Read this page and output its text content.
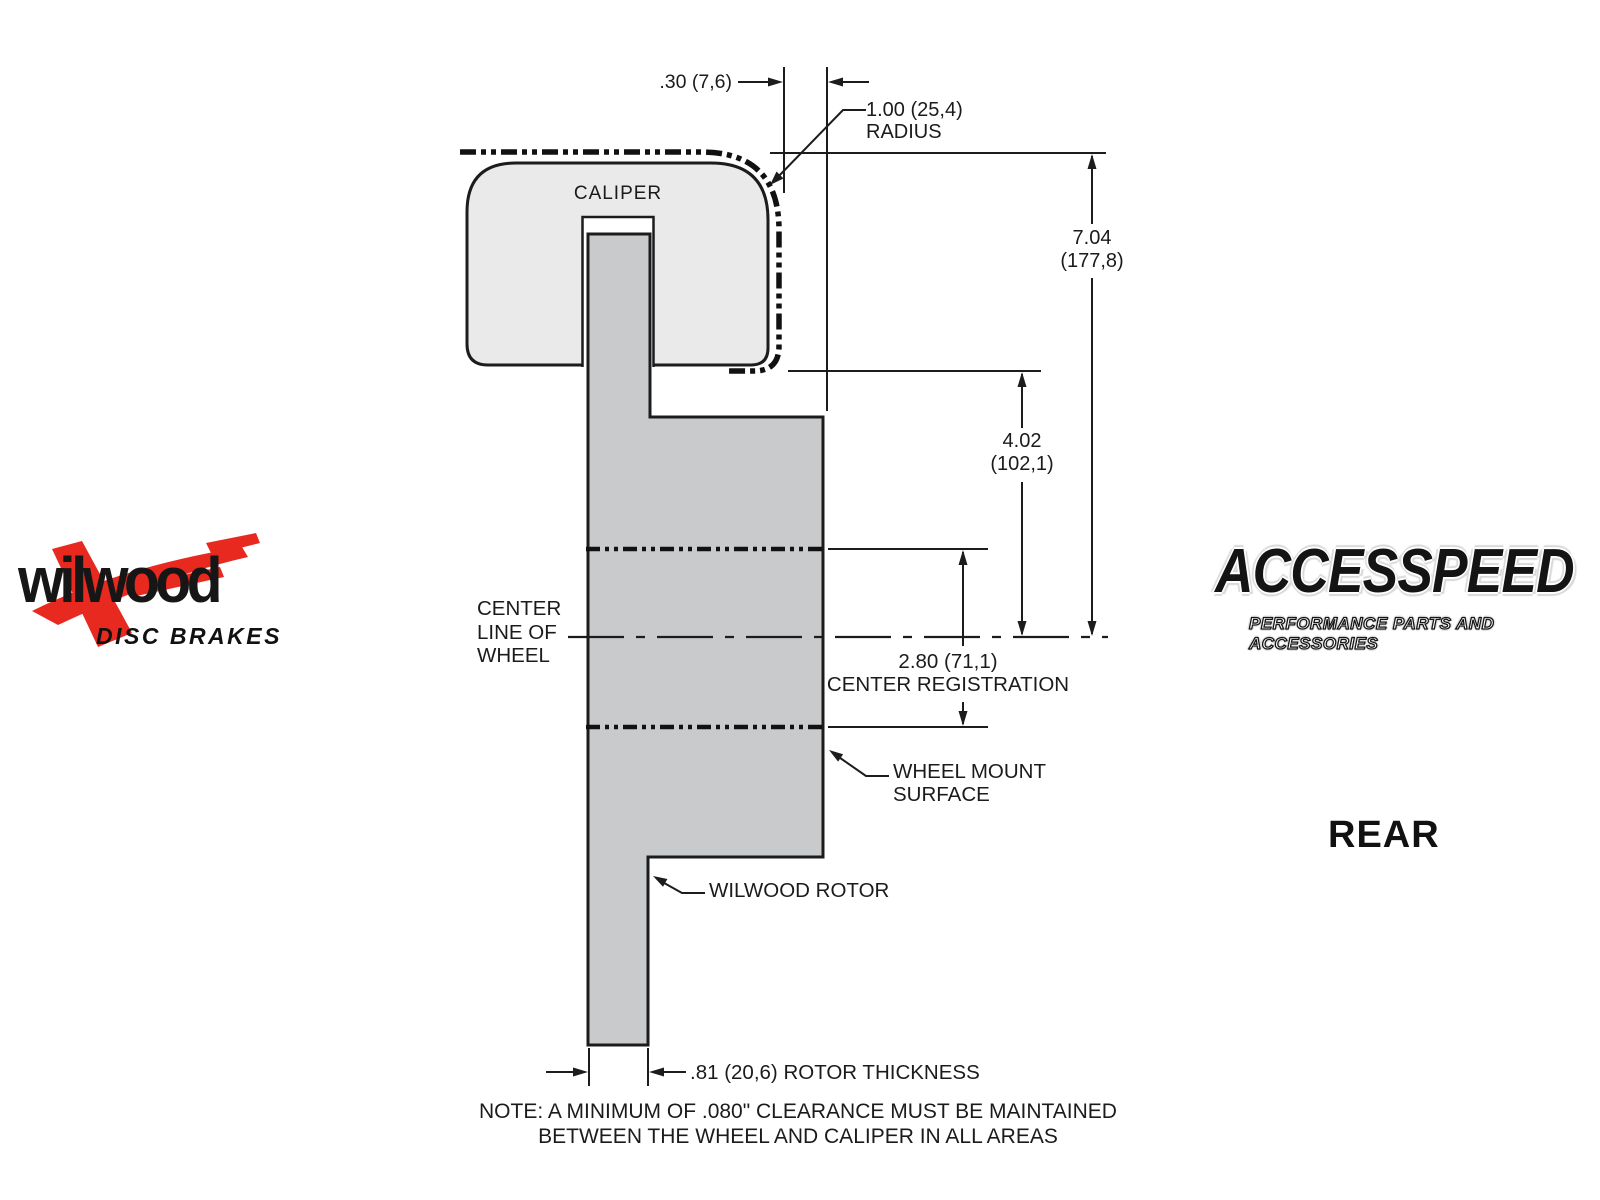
.30 (7,6)
1.00 (25,4)
RADIUS
CALIPER
7.04
(177,8)
4.02
(102,1)
CENTER
LINE OF
WHEEL	2.80 (71,1)
CENTER REGISTRATION
WHEEL MOUNT
SURFACE
WILWOOD ROTOR
.81 (20,6) ROTOR THICKNESS
NOTE: A MINIMUM OF .080" CLEARANCE MUST BE MAINTAINED
BETWEEN THE WHEEL AND CALIPER IN ALL AREAS
REAR
wilwood
DISC BRAKES
ACCESSPEED
PERFORMANCE PARTS AND ACCESSORIES
